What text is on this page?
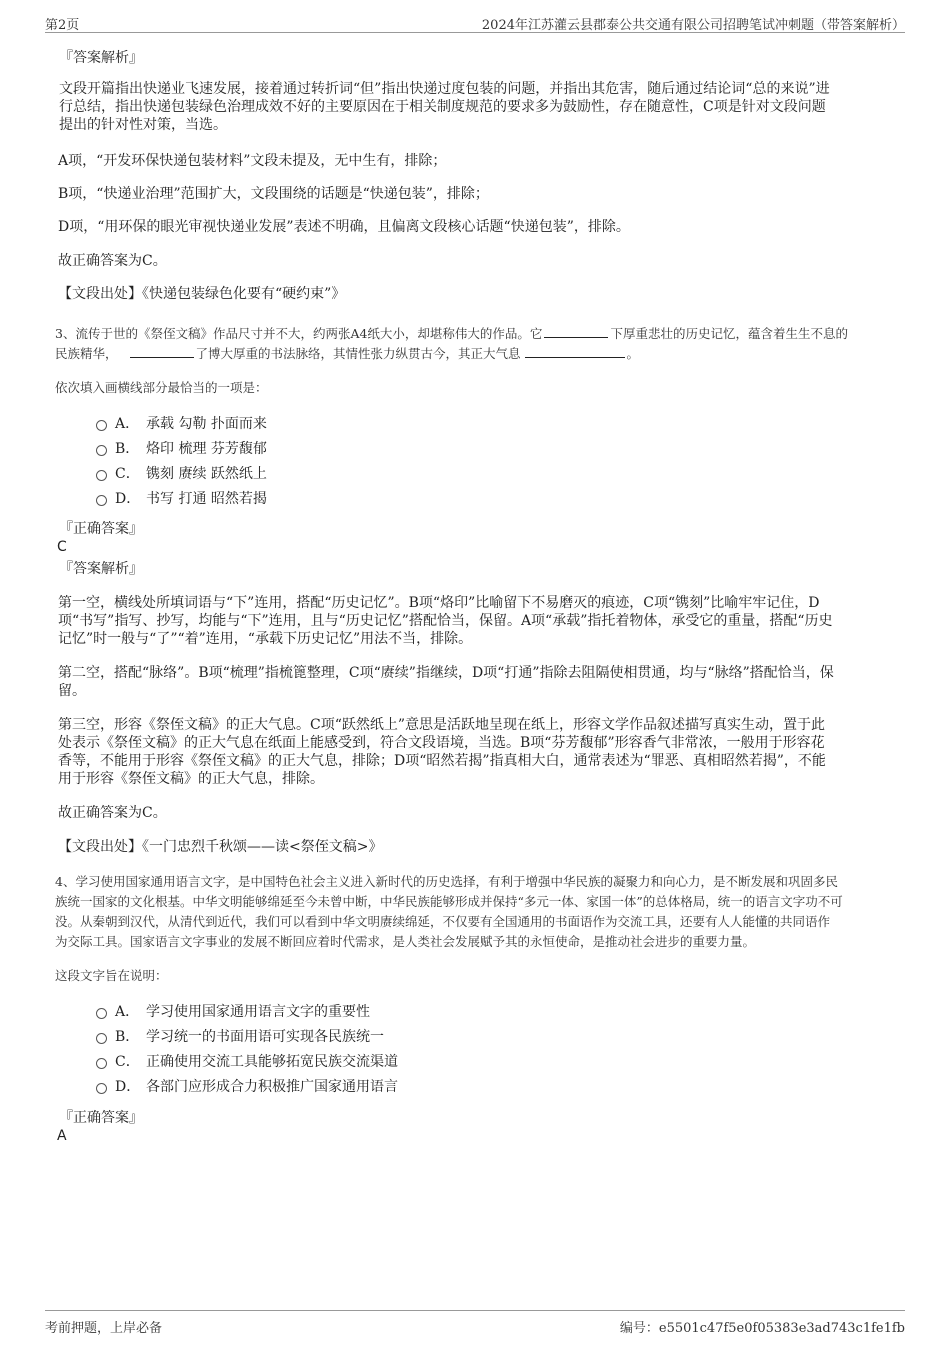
第2页	2024年江苏灌云县郡泰公共交通有限公司招聘笔试冲刺题（带答案解析）
『答案解析』
文段开篇指出快递业飞速发展，接着通过转折词“但”指出快递过度包装的问题，并指出其危害，随后通过结论词“总的来说”进
行总结，指出快递包装绿色治理成效不好的主要原因在于相关制度规范的要求多为鼓励性，存在随意性，C项是针对文段问题
提出的针对性对策，当选。
A项，“开发环保快递包装材料”文段未提及，无中生有，排除；
B项，“快递业治理”范围扩大，文段围绕的话题是“快递包装”，排除；
D项，“用环保的眼光审视快递业发展”表述不明确，且偏离文段核心话题“快递包装”，排除。
故正确答案为C。
【文段出处】《快递包装绿色化要有“硬约束”》
3、流传于世的《祭侄文稿》作品尺寸并不大，约两张A4纸大小，却堪称伟大的作品。它	下厚重悲壮的历史记忆，蕴含着生生不息的
民族精华，	了博大厚重的书法脉络，其情性张力纵贯古今，其正大气息	。
依次填入画横线部分最恰当的一项是：
A． 承载 勾勒 扑面而来
B． 烙印 梳理 芬芳馥郁
C． 镌刻 赓续 跃然纸上
D． 书写 打通 昭然若揭
『正确答案』
C
『答案解析』
第一空，横线处所填词语与“下”连用，搭配“历史记忆”。B项“烙印”比喻留下不易磨灭的痕迹，C项“镌刻”比喻牢牢记住，D
项“书写”指写、抄写，均能与“下”连用，且与“历史记忆”搭配恰当，保留。A项“承载”指托着物体，承受它的重量，搭配“历史
记忆”时一般与“了”“着”连用，“承载下历史记忆”用法不当，排除。
第二空，搭配“脉络”。B项“梳理”指梳篦整理，C项“赓续”指继续，D项“打通”指除去阻隔使相贯通，均与“脉络”搭配恰当，保
留。
第三空，形容《祭侄文稿》的正大气息。C项“跃然纸上”意思是活跃地呈现在纸上，形容文学作品叙述描写真实生动，置于此
处表示《祭侄文稿》的正大气息在纸面上能感受到，符合文段语境，当选。B项“芬芳馥郁”形容香气非常浓，一般用于形容花
香等，不能用于形容《祭侄文稿》的正大气息，排除；D项“昭然若揭”指真相大白，通常表述为“罪恶、真相昭然若揭”，不能
用于形容《祭侄文稿》的正大气息，排除。
故正确答案为C。
【文段出处】《一门忠烈千秋颂——读<祭侄文稿>》
4、学习使用国家通用语言文字，是中国特色社会主义进入新时代的历史选择，有利于增强中华民族的凝聚力和向心力，是不断发展和巩固多民
族统一国家的文化根基。中华文明能够绵延至今未曾中断，中华民族能够形成并保持“多元一体、家国一体”的总体格局，统一的语言文字功不可
没。从秦朝到汉代，从清代到近代，我们可以看到中华文明赓续绵延，不仅要有全国通用的书面语作为交流工具，还要有人人能懂的共同语作
为交际工具。国家语言文字事业的发展不断回应着时代需求，是人类社会发展赋予其的永恒使命，是推动社会进步的重要力量。
这段文字旨在说明：
A． 学习使用国家通用语言文字的重要性
B． 学习统一的书面用语可实现各民族统一
C． 正确使用交流工具能够拓宽民族交流渠道
D． 各部门应形成合力积极推广国家通用语言
『正确答案』
A
考前押题，上岸必备	编号：e5501c47f5e0f05383e3ad743c1fe1fb
